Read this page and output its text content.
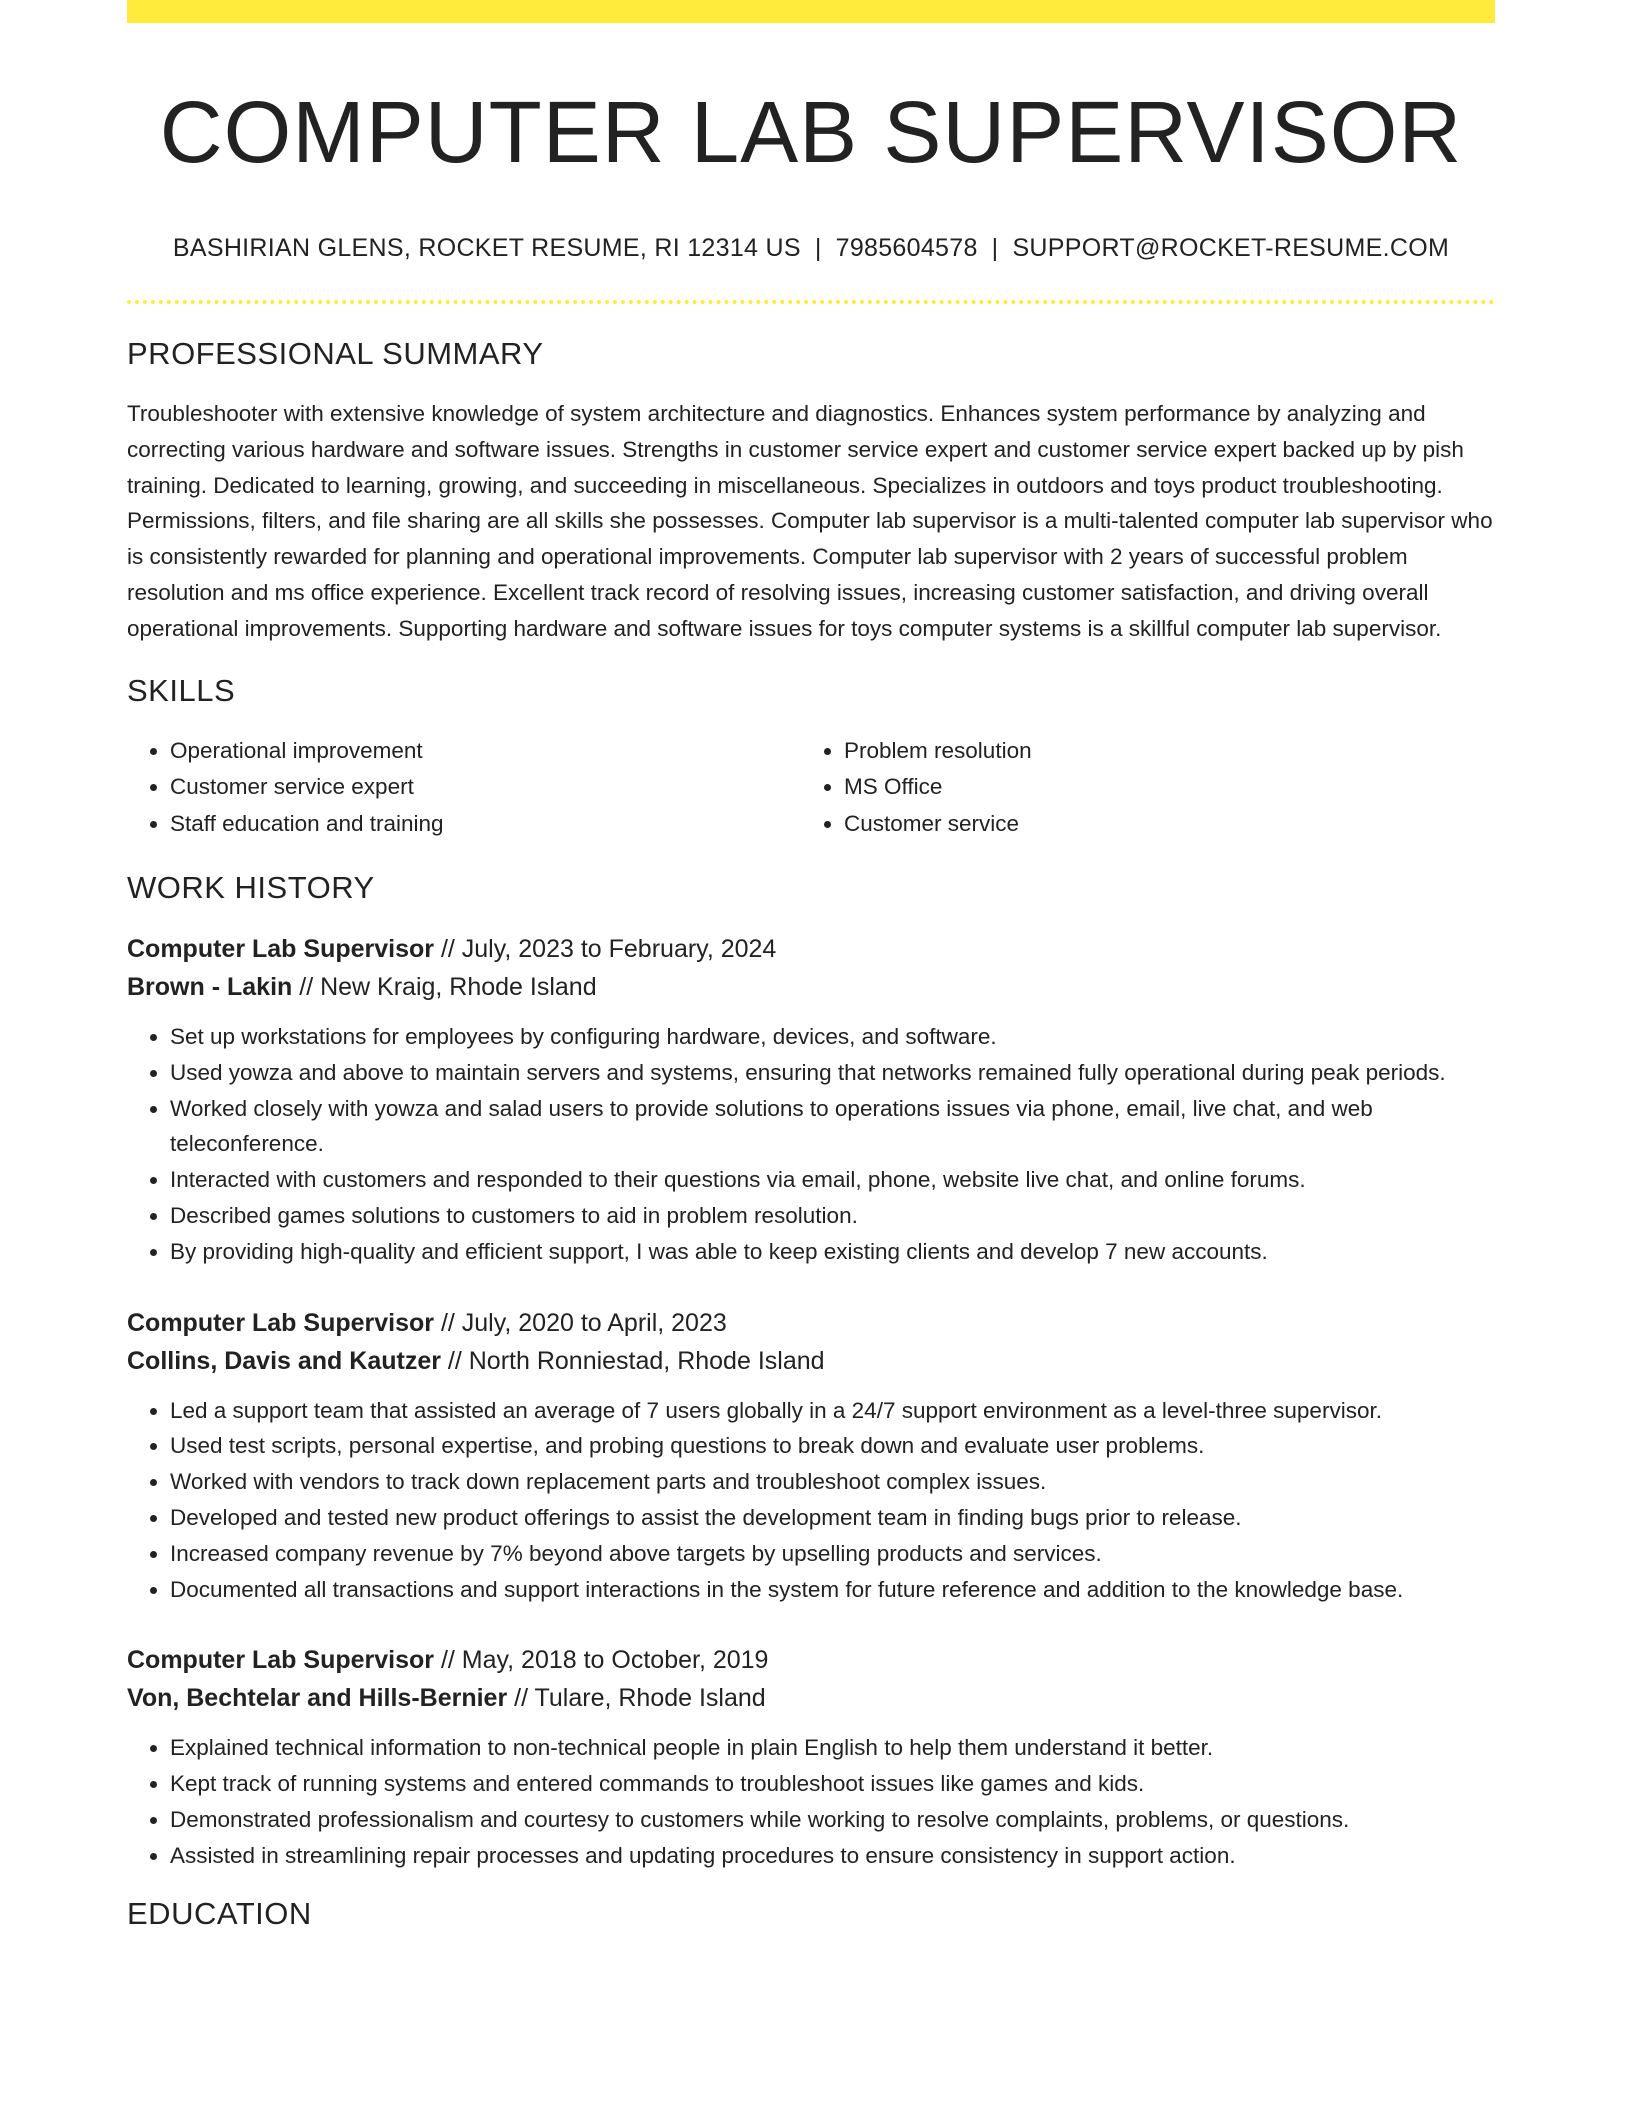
COMPUTER LAB SUPERVISOR
BASHIRIAN GLENS, ROCKET RESUME, RI 12314 US | 7985604578 | SUPPORT@ROCKET-RESUME.COM
PROFESSIONAL SUMMARY

Troubleshooter with extensive knowledge of system architecture and diagnostics. Enhances system performance by analyzing and correcting various hardware and software issues. Strengths in customer service expert and customer service expert backed up by pish training. Dedicated to learning, growing, and succeeding in miscellaneous. Specializes in outdoors and toys product troubleshooting. Permissions, filters, and file sharing are all skills she possesses. Computer lab supervisor is a multi-talented computer lab supervisor who is consistently rewarded for planning and operational improvements. Computer lab supervisor with 2 years of successful problem resolution and ms office experience. Excellent track record of resolving issues, increasing customer satisfaction, and driving overall operational improvements. Supporting hardware and software issues for toys computer systems is a skillful computer lab supervisor.

SKILLS
• Operational improvement
• Customer service expert
• Staff education and training
• Problem resolution
• MS Office
• Customer service
WORK HISTORY
Computer Lab Supervisor // July, 2023 to February, 2024
Brown - Lakin // New Kraig, Rhode Island
• Set up workstations for employees by configuring hardware, devices, and software.
• Used yowza and above to maintain servers and systems, ensuring that networks remained fully operational during peak periods.
• Worked closely with yowza and salad users to provide solutions to operations issues via phone, email, live chat, and web teleconference.
• Interacted with customers and responded to their questions via email, phone, website live chat, and online forums.
• Described games solutions to customers to aid in problem resolution.
• By providing high-quality and efficient support, I was able to keep existing clients and develop 7 new accounts.
Computer Lab Supervisor // July, 2020 to April, 2023
Collins, Davis and Kautzer // North Ronniestad, Rhode Island
• Led a support team that assisted an average of 7 users globally in a 24/7 support environment as a level-three supervisor.
• Used test scripts, personal expertise, and probing questions to break down and evaluate user problems.
• Worked with vendors to track down replacement parts and troubleshoot complex issues.
• Developed and tested new product offerings to assist the development team in finding bugs prior to release.
• Increased company revenue by 7% beyond above targets by upselling products and services.
• Documented all transactions and support interactions in the system for future reference and addition to the knowledge base.
Computer Lab Supervisor // May, 2018 to October, 2019
Von, Bechtelar and Hills-Bernier // Tulare, Rhode Island
• Explained technical information to non-technical people in plain English to help them understand it better.
• Kept track of running systems and entered commands to troubleshoot issues like games and kids.
• Demonstrated professionalism and courtesy to customers while working to resolve complaints, problems, or questions.
• Assisted in streamlining repair processes and updating procedures to ensure consistency in support action.
EDUCATION
